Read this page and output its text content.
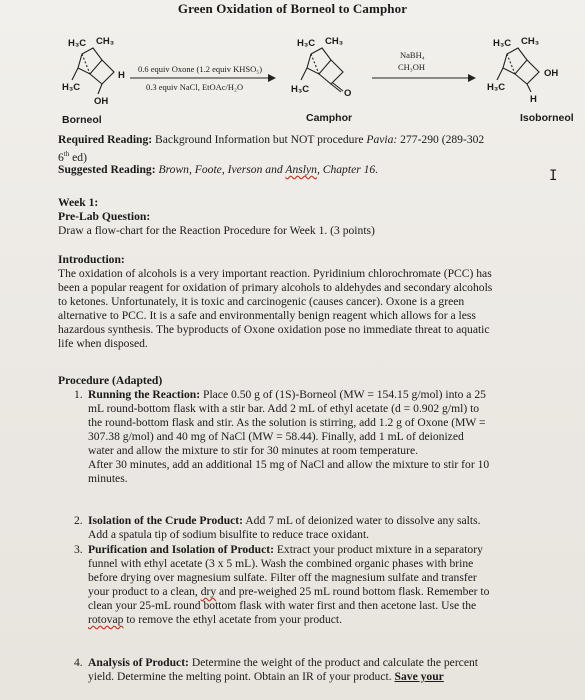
Green Oxidation of Borneol to Camphor
H₃C CH₃
H
H₃C
OH
Borneol
0.6 equiv Oxone (1.2 equiv KHSO₅)
0.3 equiv NaCl, EtOAc/H₂O
H₃C CH₃
H₃C	O
Camphor
NaBH₄
CH₃OH
H₃C CH₃
OH
H₃C
H
Isoborneol
Required Reading: Background Information but NOT procedure Pavia: 277-290 (289-302
6th ed)
Suggested Reading: Brown, Foote, Iverson and Anslyn, Chapter 16.	I
Week 1:
Pre-Lab Question:
Draw a flow-chart for the Reaction Procedure for Week 1. (3 points)
Introduction:
The oxidation of alcohols is a very important reaction. Pyridinium chlorochromate (PCC) has
been a popular reagent for oxidation of primary alcohols to aldehydes and secondary alcohols
to ketones. Unfortunately, it is toxic and carcinogenic (causes cancer). Oxone is a green
alternative to PCC. It is a safe and environmentally benign reagent which allows for a less
hazardous synthesis. The byproducts of Oxone oxidation pose no immediate threat to aquatic
life when disposed.
Procedure (Adapted)
1. Running the Reaction: Place 0.50 g of (1S)-Borneol (MW = 154.15 g/mol) into a 25
mL round-bottom flask with a stir bar. Add 2 mL of ethyl acetate (d = 0.902 g/ml) to
the round-bottom flask and stir. As the solution is stirring, add 1.2 g of Oxone (MW =
307.38 g/mol) and 40 mg of NaCl (MW = 58.44). Finally, add 1 mL of deionized
water and allow the mixture to stir for 30 minutes at room temperature.
After 30 minutes, add an additional 15 mg of NaCl and allow the mixture to stir for 10
minutes.
2. Isolation of the Crude Product: Add 7 mL of deionized water to dissolve any salts.
Add a spatula tip of sodium bisulfite to reduce trace oxidant.
3. Purification and Isolation of Product: Extract your product mixture in a separatory
funnel with ethyl acetate (3 x 5 mL). Wash the combined organic phases with brine
before drying over magnesium sulfate. Filter off the magnesium sulfate and transfer
your product to a clean, dry and pre-weighed 25 mL round bottom flask. Remember to
clean your 25-mL round bottom flask with water first and then acetone last. Use the
rotovap to remove the ethyl acetate from your product.
4. Analysis of Product: Determine the weight of the product and calculate the percent
yield. Determine the melting point. Obtain an IR of your product. Save your
